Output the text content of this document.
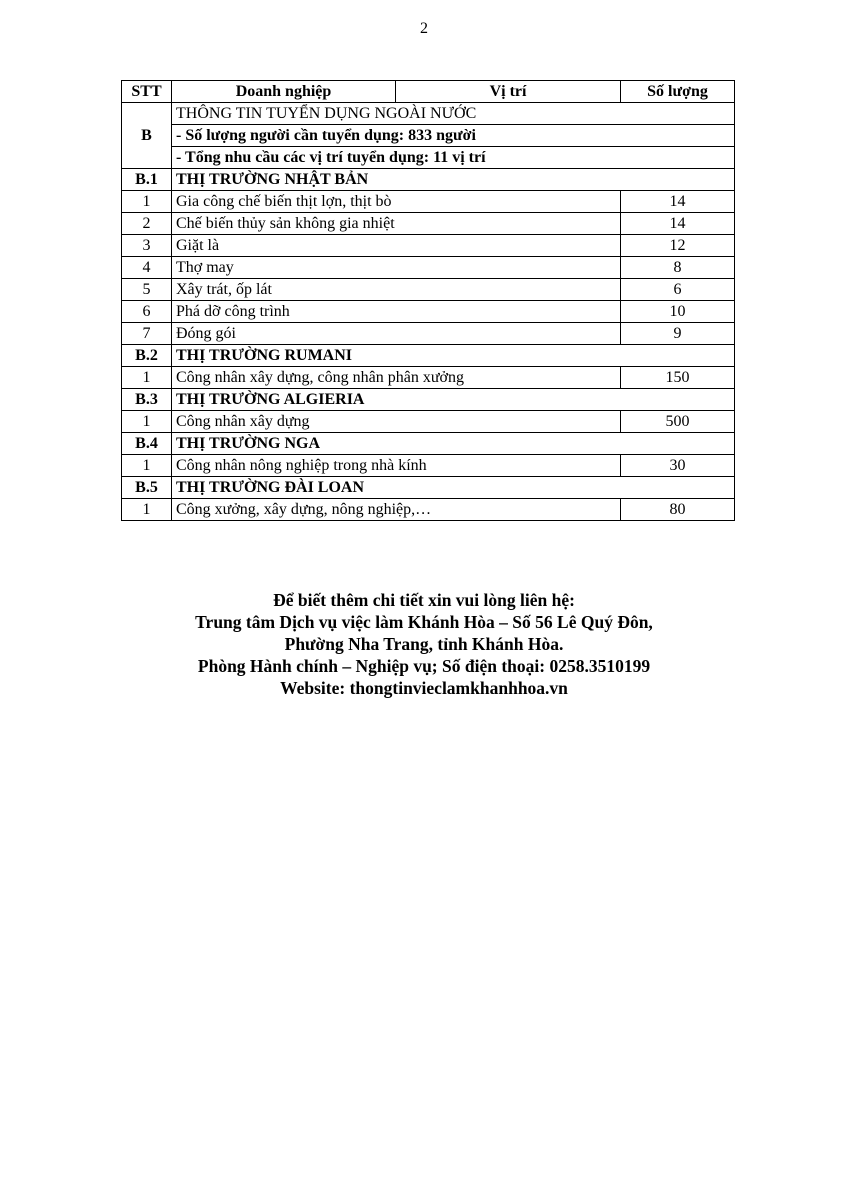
2
STT	Doanh nghiệp	Vị trí	Số lượng
B	THÔNG TIN TUYỂN DỤNG NGOÀI NƯỚC		
	- Số lượng người cần tuyển dụng: 833 người		
	- Tổng nhu cầu các vị trí tuyển dụng: 11 vị trí		
B.1	THỊ TRƯỜNG NHẬT BẢN		
1	Gia công chế biến thịt lợn, thịt bò		14
2	Chế biến thủy sản không gia nhiệt		14
3	Giặt là		12
4	Thợ may		8
5	Xây trát, ốp lát		6
6	Phá dỡ công trình		10
7	Đóng gói		9
B.2	THỊ TRƯỜNG RUMANI		
1	Công nhân xây dựng, công nhân phân xưởng		150
B.3	THỊ TRƯỜNG ALGIERIA		
1	Công nhân xây dựng		500
B.4	THỊ TRƯỜNG NGA		
1	Công nhân nông nghiệp trong nhà kính		30
B.5	THỊ TRƯỜNG ĐÀI LOAN		
1	Công xưởng, xây dựng, nông nghiệp,…		80
Để biết thêm chi tiết xin vui lòng liên hệ:
Trung tâm Dịch vụ việc làm Khánh Hòa – Số 56 Lê Quý Đôn,
Phường Nha Trang, tỉnh Khánh Hòa.
Phòng Hành chính – Nghiệp vụ; Số điện thoại: 0258.3510199
Website: thongtinvieclamkhanhhoa.vn
